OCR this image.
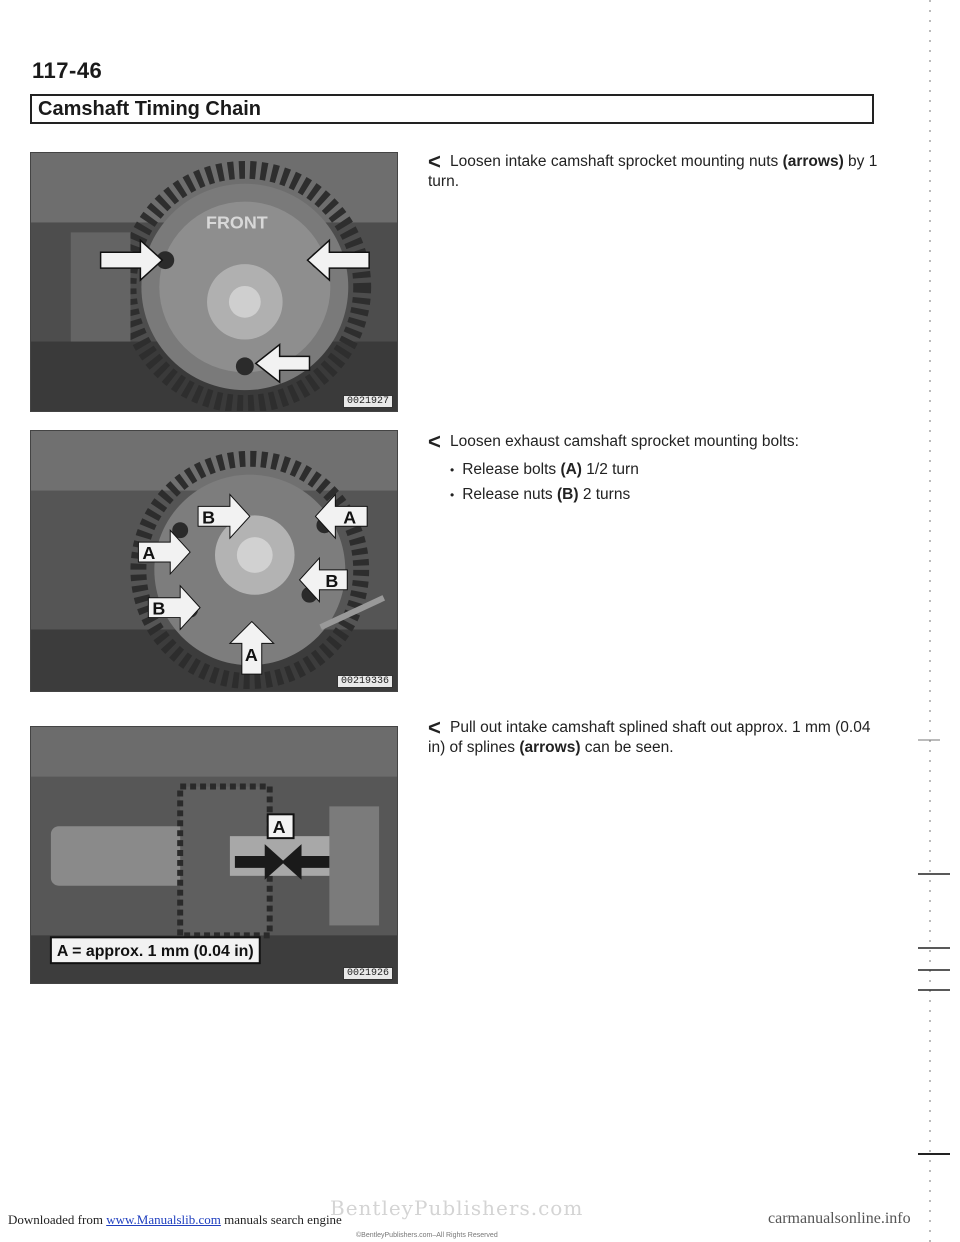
117-46
Camshaft Timing Chain
FRONT
0021927
< Loosen intake camshaft sprocket mounting nuts (arrows) by 1 turn.
B	A
A
B
B
A
00219336
< Loosen exhaust camshaft sprocket mounting bolts:
• Release bolts (A) 1/2 turn
• Release nuts (B) 2 turns
A
A = approx. 1 mm (0.04 in)
0021926
< Pull out intake camshaft splined shaft out approx. 1 mm (0.04 in) of splines (arrows) can be seen.
BentleyPublishers.com
©BentleyPublishers.com–All Rights Reserved
Downloaded from www.Manualslib.com manuals search engine	carmanualsonline.info
